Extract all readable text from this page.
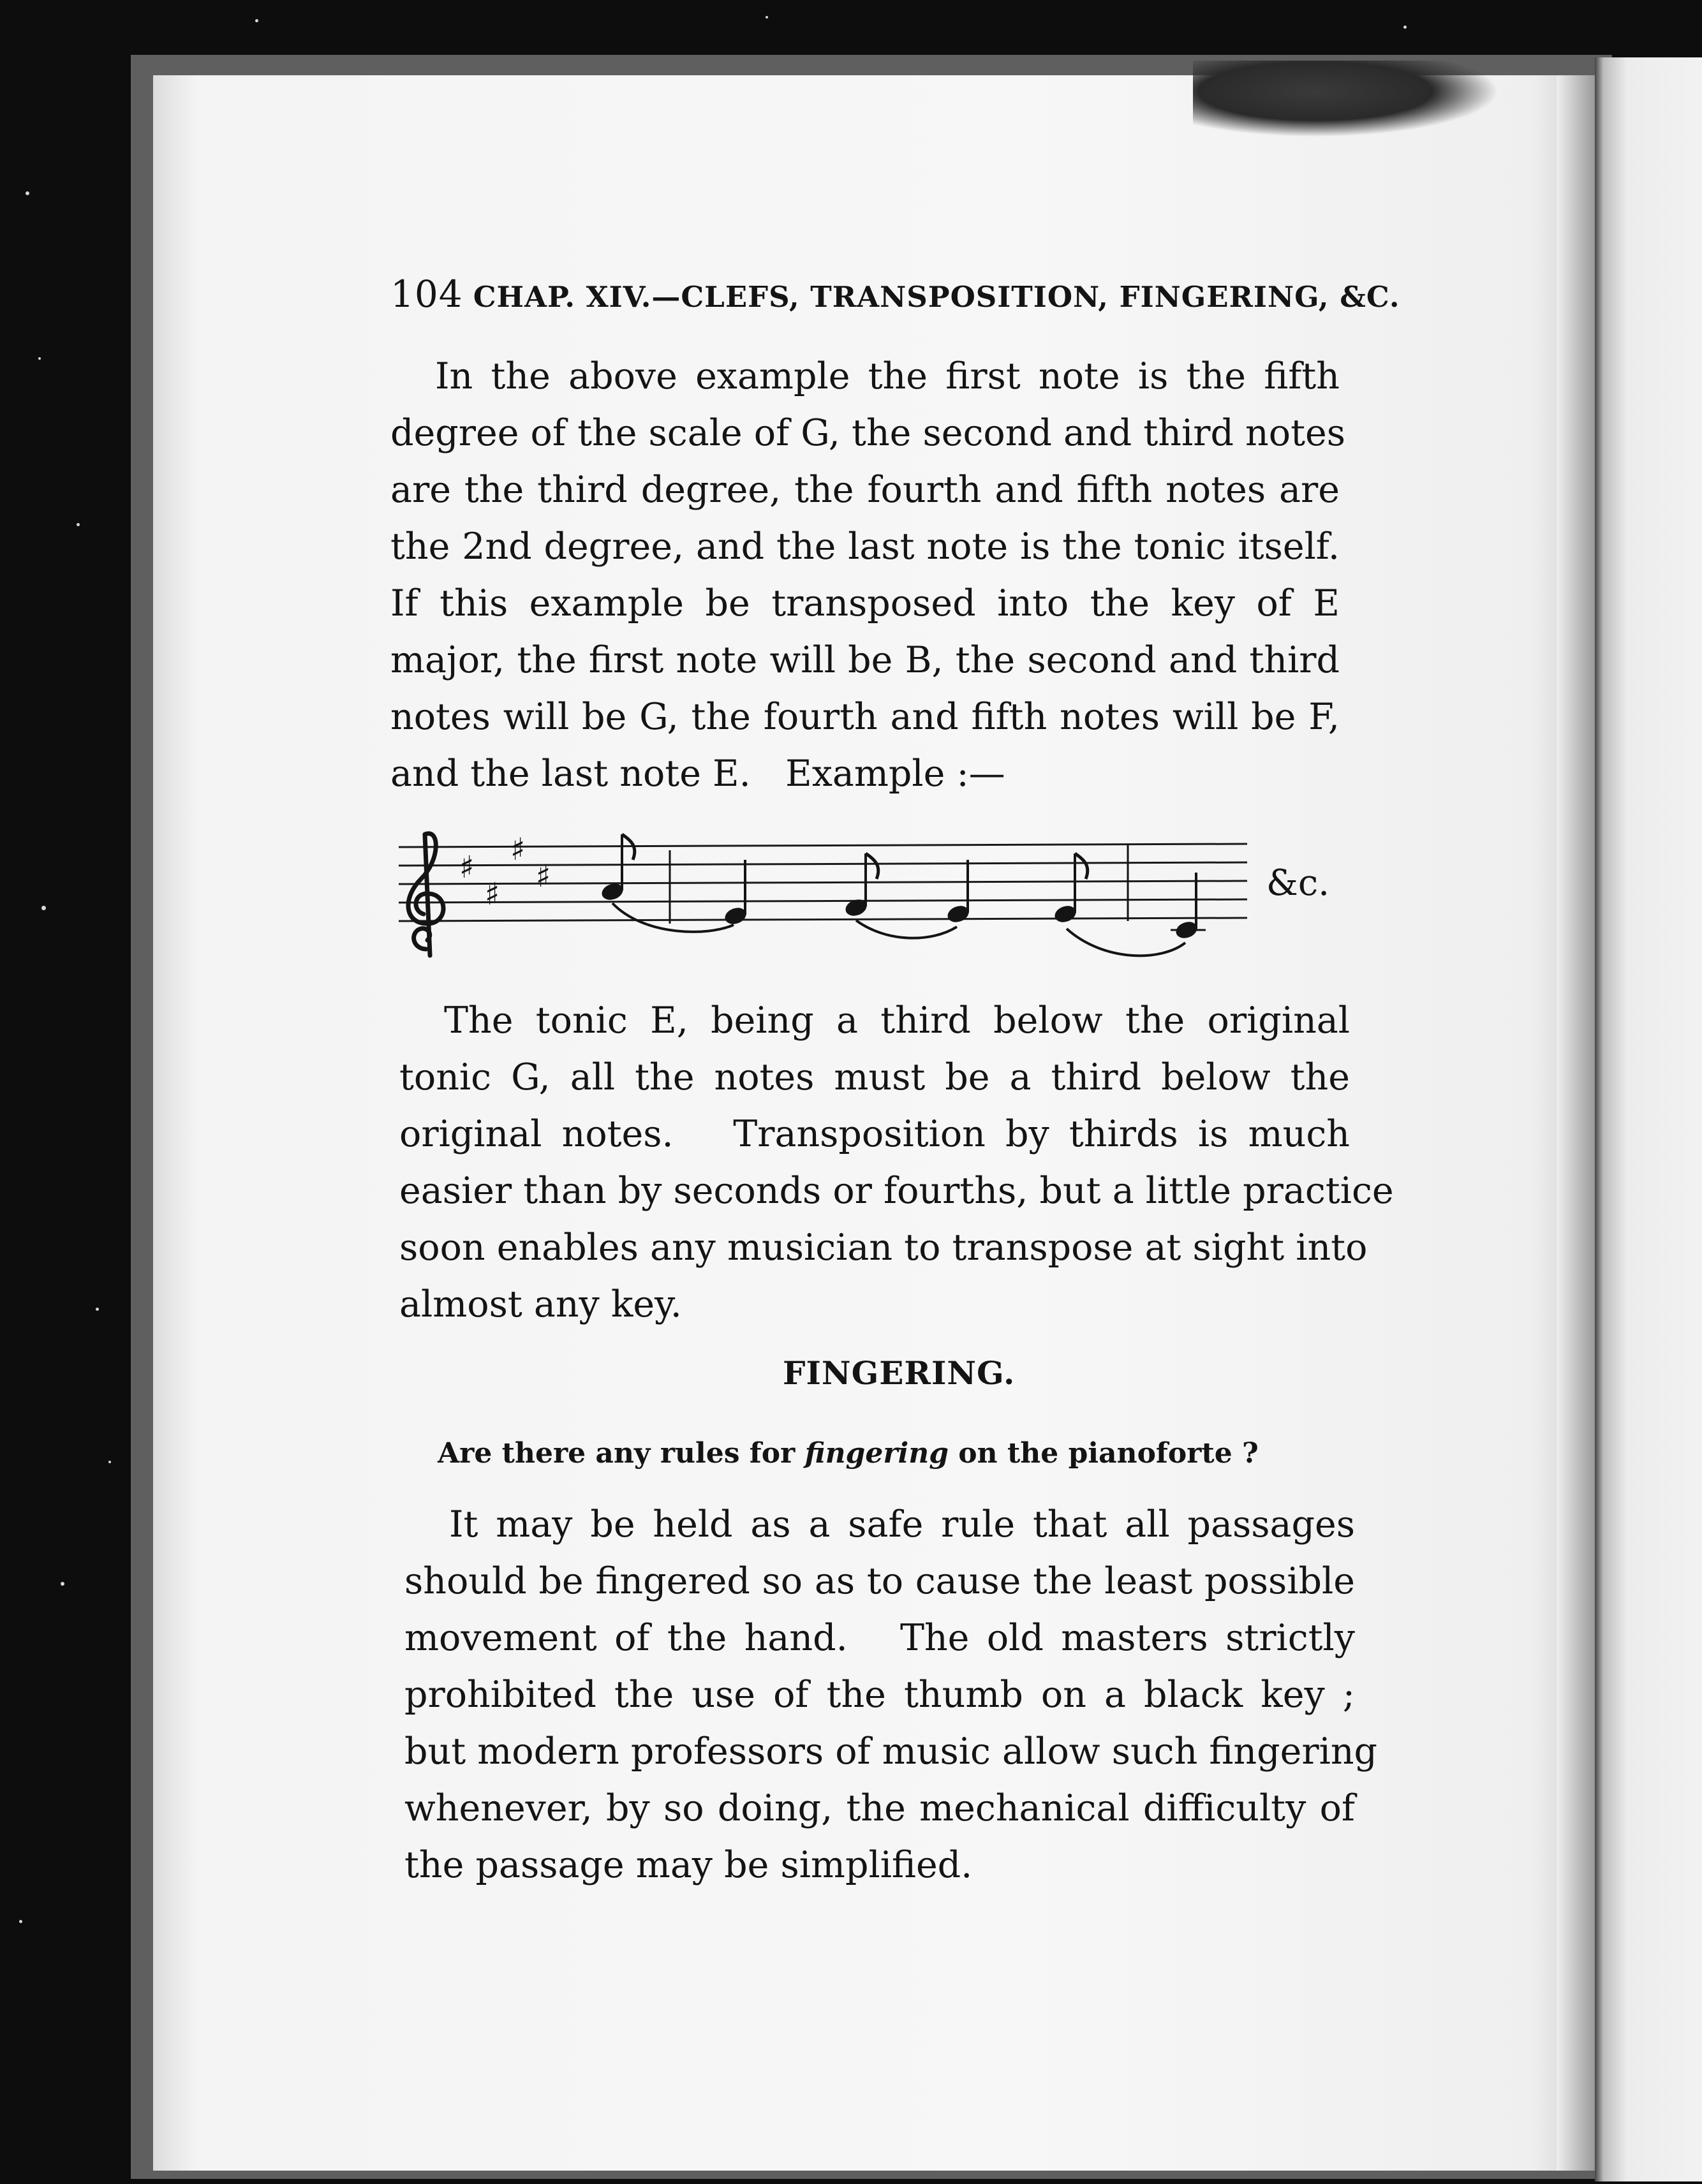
104 CHAP. XIV.—CLEFS, TRANSPOSITION, FINGERING, &C.
In the above example the first note is the fifth
degree of the scale of G, the second and third notes
are the third degree, the fourth and fifth notes are
the 2nd degree, and the last note is the tonic itself.
If this example be transposed into the key of E
major, the first note will be B, the second and third
notes will be G, the fourth and fifth notes will be F,
and the last note E.   Example :—
♯
♯
♯
♯	&c.
The tonic E, being a third below the original
tonic G, all the notes must be a third below the
original notes.   Transposition by thirds is much
easier than by seconds or fourths, but a little practice
soon enables any musician to transpose at sight into
almost any key.
FINGERING.
Are there any rules for fingering on the pianoforte ?
It may be held as a safe rule that all passages
should be fingered so as to cause the least possible
movement of the hand.   The old masters strictly
prohibited the use of the thumb on a black key ;
but modern professors of music allow such fingering
whenever, by so doing, the mechanical difficulty of
the passage may be simplified.
